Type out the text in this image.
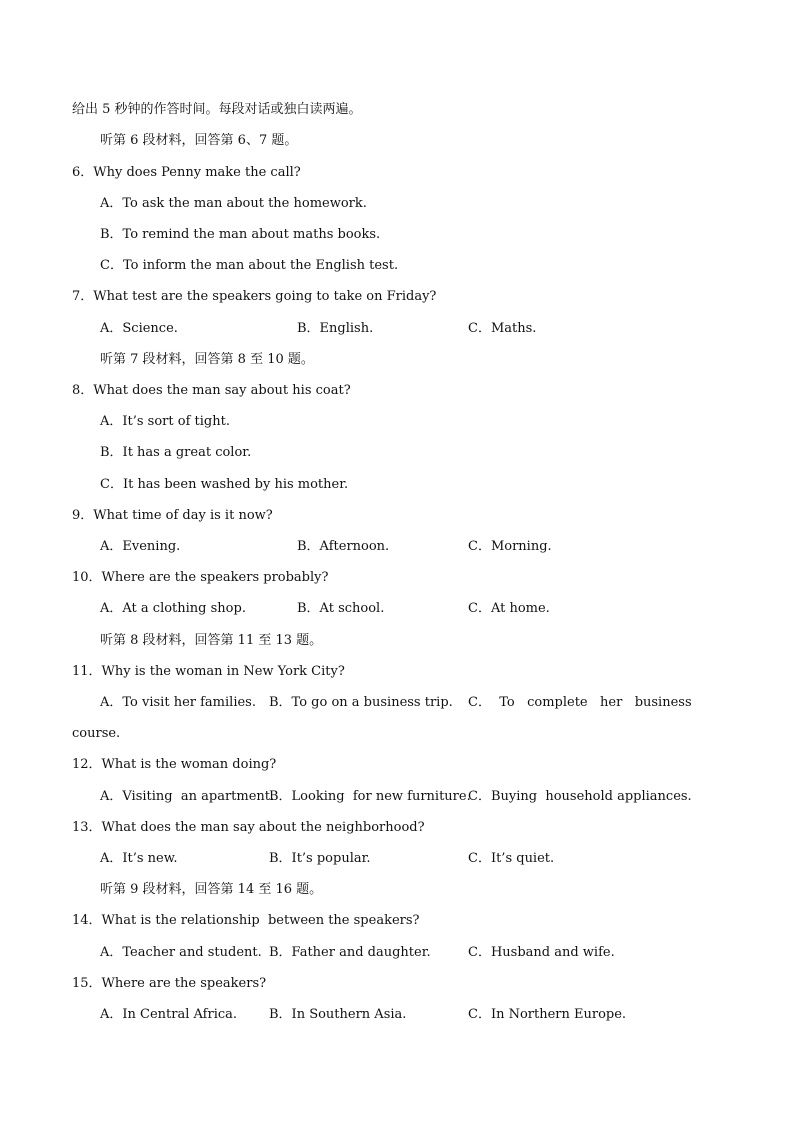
给出 5 秒钟的作答时间。每段对话或独白读两遍。
听第 6 段材料，回答第 6、7 题。
6．Why does Penny make the call?
A．To ask the man about the homework.
B．To remind the man about maths books.
C．To inform the man about the English test.
7．What test are the speakers going to take on Friday?
A．Science.	B．English.	C．Maths.
听第 7 段材料，回答第 8 至 10 题。
8．What does the man say about his coat?
A．It’s sort of tight.
B．It has a great color.
C．It has been washed by his mother.
9．What time of day is it now?
A．Evening.	B．Afternoon.	C．Morning.
10．Where are the speakers probably?
A．At a clothing shop.	B．At school.	C．At home.
听第 8 段材料，回答第 11 至 13 题。
11．Why is the woman in New York City?
A．To visit her families. B．To go on a business trip. C．  To   complete   her   business
course.
12．What is the woman doing?
A．Visiting  an apartment.
B．Looking  for new furniture.
C．Buying  household appliances.
13．What does the man say about the neighborhood?
A．It’s new.	B．It’s popular.	C．It’s quiet.
听第 9 段材料，回答第 14 至 16 题。
14．What is the relationship  between the speakers?
A．Teacher and student. B．Father and daughter.	C．Husband and wife.
15．Where are the speakers?
A．In Central Africa. B．In Southern Asia.	C．In Northern Europe.
